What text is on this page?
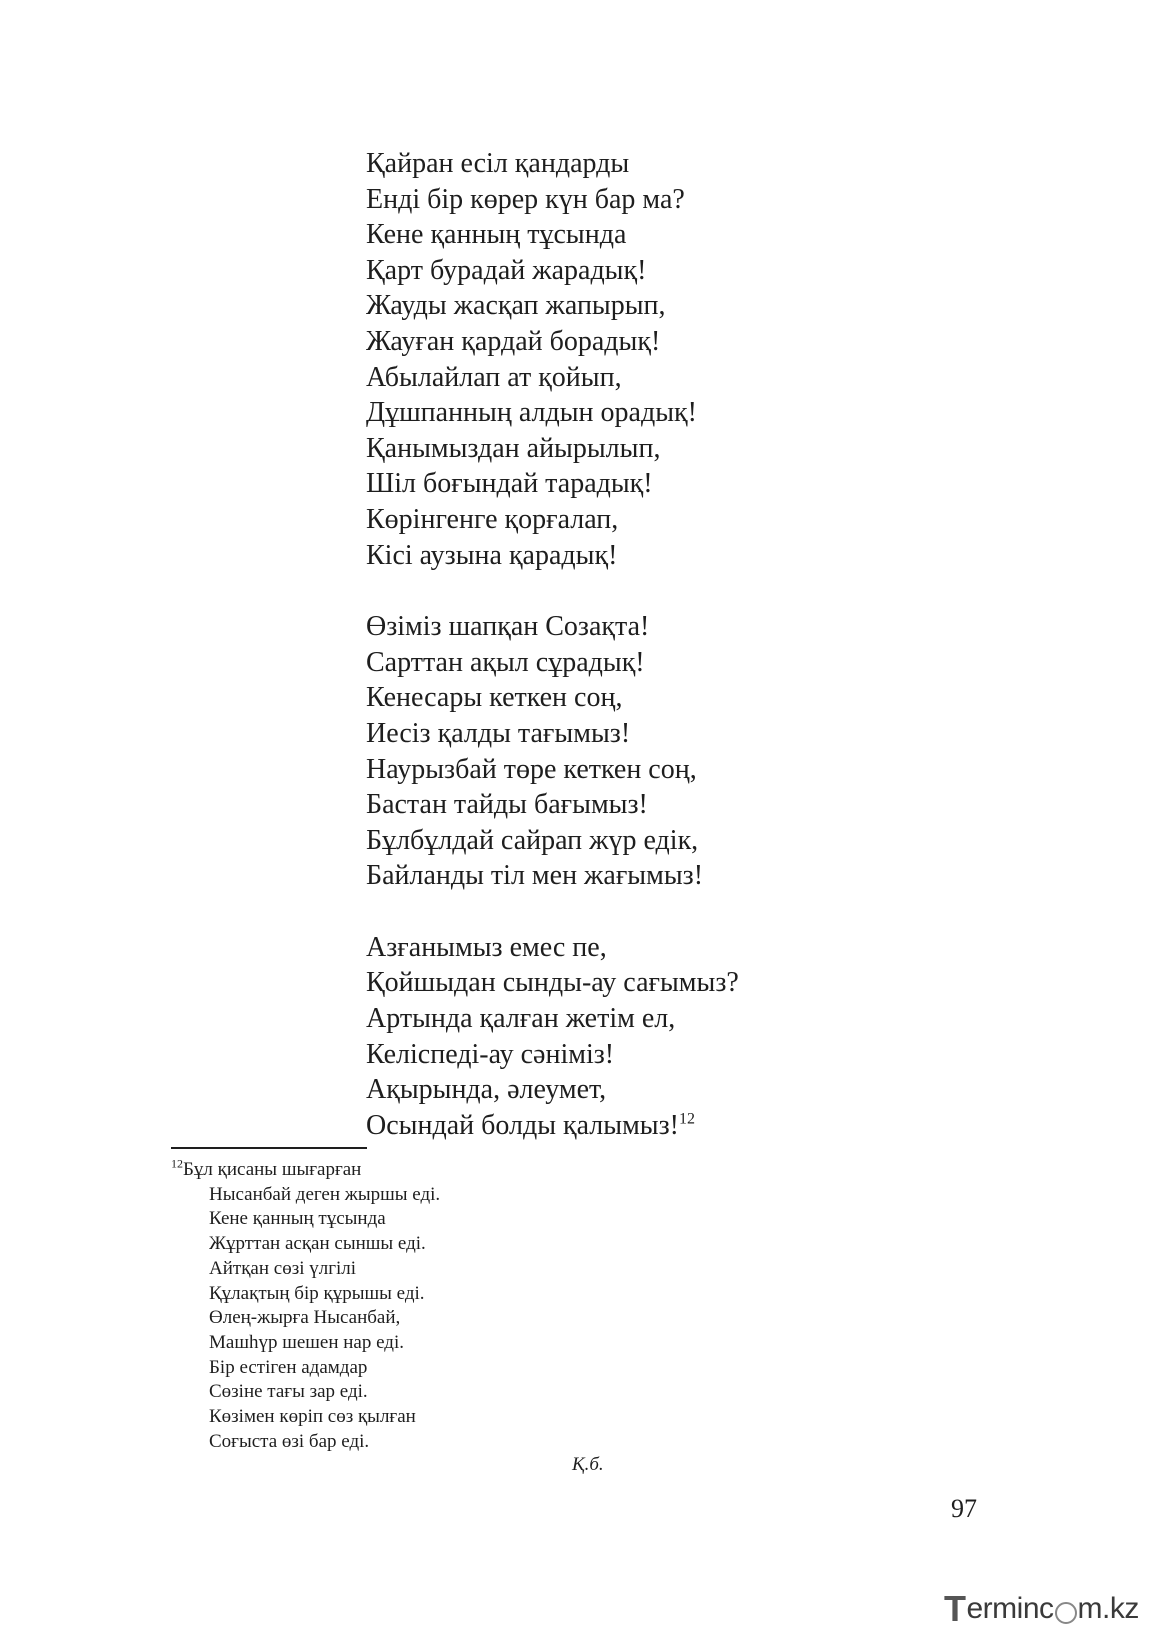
Қайран есіл қандарды
Енді бір көрер күн бар ма?
Кене қанның тұсында
Қарт бурадай жарадық!
Жауды жасқап жапырып,
Жауған қардай борадық!
Абылайлап ат қойып,
Дұшпанның алдын орадық!
Қанымыздан айырылып,
Шіл боғындай тарадық!
Көрінгенге қорғалап,
Кісі аузына қарадық!
Өзіміз шапқан Созақта!
Сарттан ақыл сұрадық!
Кенесары кеткен соң,
Иесіз қалды тағымыз!
Наурызбай төре кеткен соң,
Бастан тайды бағымыз!
Бұлбұлдай сайрап жүр едік,
Байланды тіл мен жағымыз!
Азғанымыз емес пе,
Қойшыдан сынды-ау сағымыз?
Артында қалған жетім ел,
Келіспеді-ау сәніміз!
Ақырында, әлеумет,
Осындай болды қалымыз!$^{12}$
$^{12}$Бұл қисаны шығарған
Нысанбай деген жыршы еді.
Кене қанның тұсында
Жұрттан асқан сыншы еді.
Айтқан сөзі үлгілі
Құлақтың бір құрышы еді.
Өлең-жырға Нысанбай,
Машһүр шешен нар еді.
Бір естіген адамдар
Сөзіне тағы зар еді.
Көзімен көріп сөз қылған
Соғыста өзі бар еді.
Қ.б.
97
T erminc m.kz
